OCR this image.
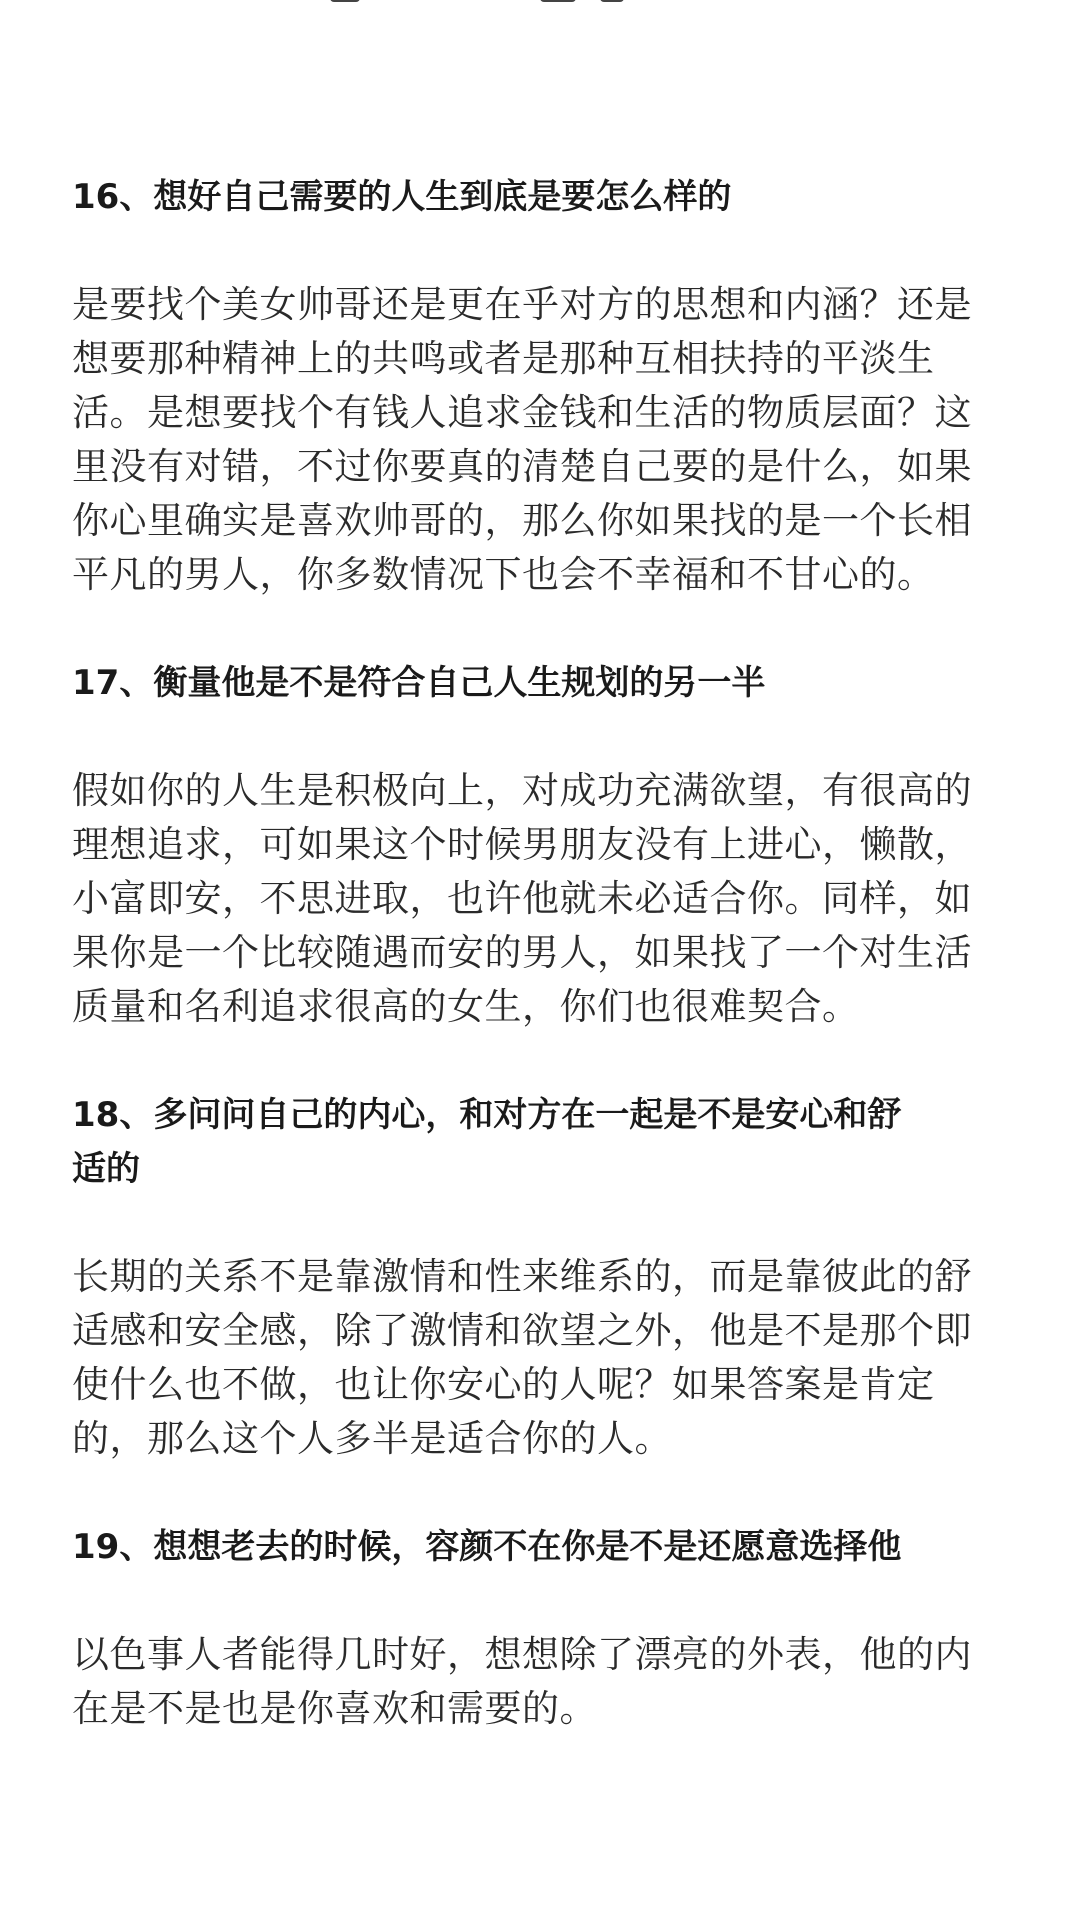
16、想好自己需要的人生到底是要怎么样的

是要找个美女帅哥还是更在乎对方的思想和内涵？还是
想要那种精神上的共鸣或者是那种互相扶持的平淡生
活。是想要找个有钱人追求金钱和生活的物质层面？这
里没有对错，不过你要真的清楚自己要的是什么，如果
你心里确实是喜欢帅哥的，那么你如果找的是一个长相
平凡的男人，你多数情况下也会不幸福和不甘心的。

17、衡量他是不是符合自己人生规划的另一半

假如你的人生是积极向上，对成功充满欲望，有很高的
理想追求，可如果这个时候男朋友没有上进心，懒散，
小富即安，不思进取，也许他就未必适合你。同样，如
果你是一个比较随遇而安的男人，如果找了一个对生活
质量和名利追求很高的女生，你们也很难契合。

18、多问问自己的内心，和对方在一起是不是安心和舒
适的

长期的关系不是靠激情和性来维系的，而是靠彼此的舒
适感和安全感，除了激情和欲望之外，他是不是那个即
使什么也不做，也让你安心的人呢？如果答案是肯定
的，那么这个人多半是适合你的人。

19、想想老去的时候，容颜不在你是不是还愿意选择他

以色事人者能得几时好，想想除了漂亮的外表，他的内
在是不是也是你喜欢和需要的。
